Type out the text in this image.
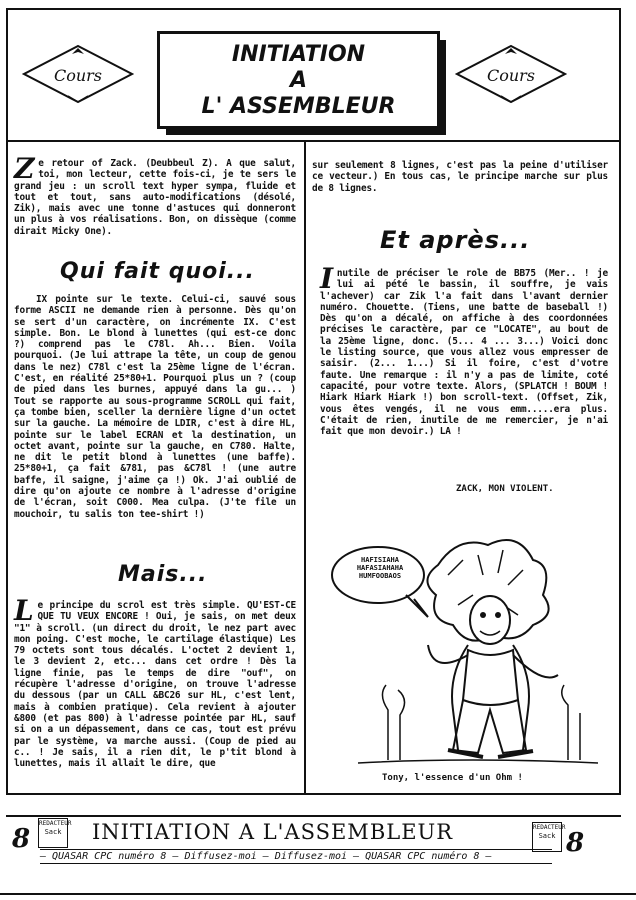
Cours	Cours
INITIATION
A
L' ASSEMBLEUR

Ze retour of Zack. (Deubbeul Z). A que salut, toi, mon lecteur, cette fois-ci, je te sers le grand jeu : un scroll text hyper sympa, fluide et tout et tout, sans auto-modifications (désolé, Zik), mais avec une tonne d'astuces qui donneront un plus à vos réalisations. Bon, on dissèque (comme dirait Micky One).

Qui fait quoi...

IX pointe sur le texte. Celui-ci, sauvé sous forme ASCII ne demande rien à personne. Dès qu'on se sert d'un caractère, on incrémente IX. C'est simple. Bon. Le blond à lunettes (qui est-ce donc ?) comprend pas le C78l. Ah... Bien. Voila pourquoi. (Je lui attrape la tête, un coup de genou dans le nez) C78l c'est la 25ème ligne de l'écran. C'est, en réalité 25*80+1. Pourquoi plus un ? (coup de pied dans les burnes, appuyé dans la gu... ) Tout se rapporte au sous-programme SCROLL qui fait, ça tombe bien, sceller la dernière ligne d'un octet sur la gauche. La mémoire de LDIR, c'est à dire HL, pointe sur le label ECRAN et la destination, un octet avant, pointe sur la gauche, en C780. Halte, ne dit le petit blond à lunettes (une baffe). 25*80+1, ça fait &781, pas &C78l ! (une autre baffe, il saigne, j'aime ça !) Ok. J'ai oublié de dire qu'on ajoute ce nombre à l'adresse d'origine de l'écran, soit C000. Mea culpa. (J'te file un mouchoir, tu salis ton tee-shirt !)

Mais...

Le principe du scrol est très simple. QU'EST-CE QUE TU VEUX ENCORE ! Oui, je sais, on met deux "1" à scroll. (un direct du droit, le nez part avec mon poing. C'est moche, le cartilage élastique) Les 79 octets sont tous décalés. L'octet 2 devient 1, le 3 devient 2, etc... dans cet ordre ! Dès la ligne finie, pas le temps de dire "ouf", on récupère l'adresse d'origine, on trouve l'adresse du dessous (par un CALL &BC26 sur HL, c'est lent, mais à combien pratique). Cela revient à ajouter &800 (et pas 800) à l'adresse pointée par HL, sauf si on a un dépassement, dans ce cas, tout est prévu par le système, va marche aussi. (Coup de pied au c.. ! Je sais, il a rien dit, le p'tit blond à lunettes, mais il allait le dire, que

sur seulement 8 lignes, c'est pas la peine d'utiliser ce vecteur.) En tous cas, le principe marche sur plus de 8 lignes.

Et après...

Inutile de préciser le role de BB75 (Mer.. ! je lui ai pété le bassin, il souffre, je vais l'achever) car Zik l'a fait dans l'avant dernier numéro. Chouette. (Tiens, une batte de baseball !) Dès qu'on a décalé, on affiche à des coordonnées précises le caractère, par ce "LOCATE", au bout de la 25ème ligne, donc. (5... 4 ... 3...) Voici donc le listing source, que vous allez vous empresser de saisir. (2... 1...) Si il foire, c'est d'votre faute. Une remarque : il n'y a pas de limite, coté capacité, pour votre texte. Alors, (SPLATCH ! BOUM ! Hiark Hiark Hiark !) bon scroll-text. (Offset, Zik, vous êtes vengés, il ne vous emm.....era plus. C'était de rien, inutile de me remercier, je n'ai fait que mon devoir.) LA !

ZACK, MON VIOLENT.
HAFISIAHA
HAFASIAHAHA
HUMFOOBAOS
Tony, l'essence d'un Ohm !
8	8
REDACTEUR
Sack
REDACTEUR
Sack
INITIATION A L'ASSEMBLEUR
— QUASAR CPC numéro 8 — Diffusez-moi — Diffusez-moi — QUASAR CPC numéro 8 —
